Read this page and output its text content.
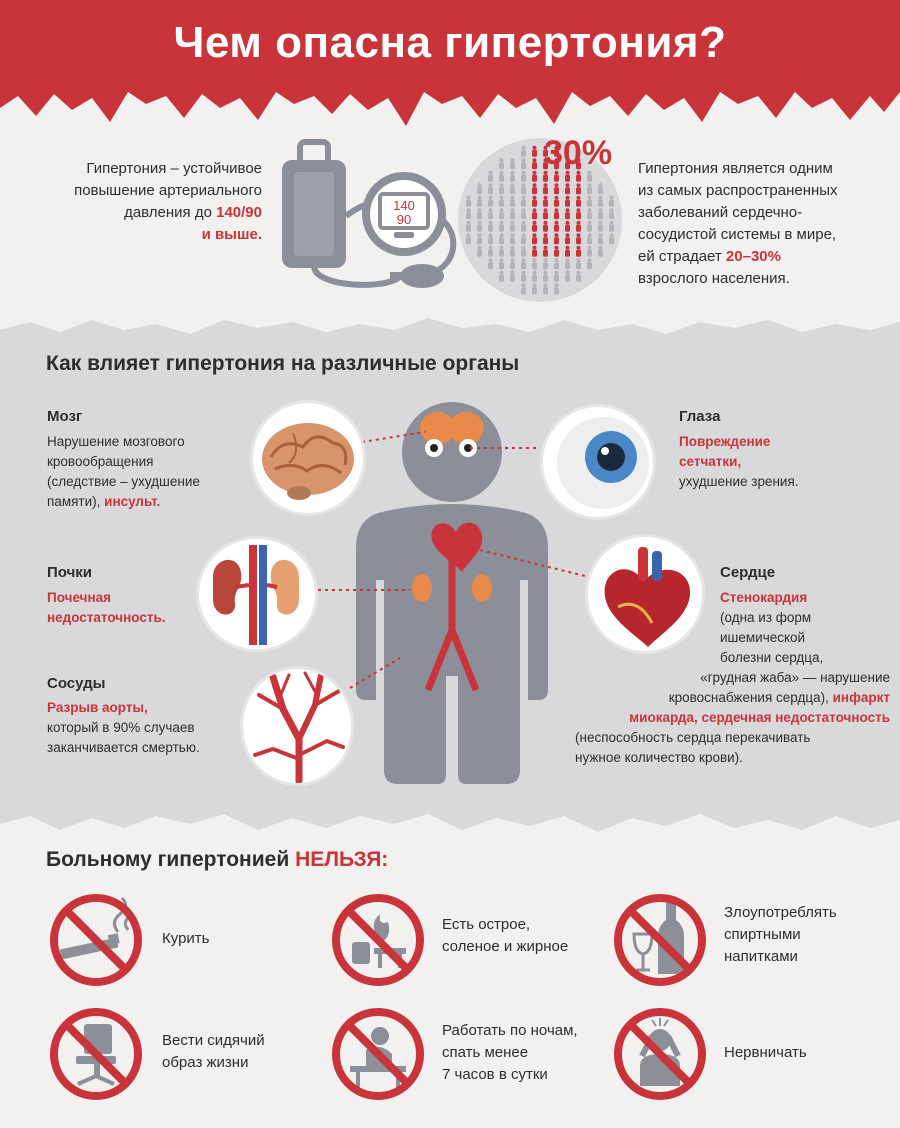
Чем опасна гипертония?
Гипертония – устойчивое
повышение артериального
давления до 140/90
и выше.
140
90
30% Гипертония является одним
из самых распространенных
заболеваний сердечно-
сосудистой системы в мире,
ей страдает 20–30%
взрослого населения.
Как влияет гипертония на различные органы
Мозг
Нарушение мозгового
кровообращения
(следствие – ухудшение
памяти), инсульт.
Почки
Почечная
недостаточность.
Сосуды
Разрыв аорты,
который в 90% случаев
заканчивается смертью.
Глаза
Повреждение
сетчатки,
ухудшение зрения.
Сердце
Стенокардия
(одна из форм
ишемической
болезни сердца,
«грудная жаба» — нарушение
кровоснабжения сердца), инфаркт
миокарда, сердечная недостаточность
(неспособность сердца перекачивать
нужное количество крови).
Больному гипертонией НЕЛЬЗЯ:
Курить
Есть острое,
соленое и жирное
Злоупотреблять
спиртными
напитками
Вести сидячий
образ жизни
Работать по ночам,
спать менее
7 часов в сутки
Нервничать
